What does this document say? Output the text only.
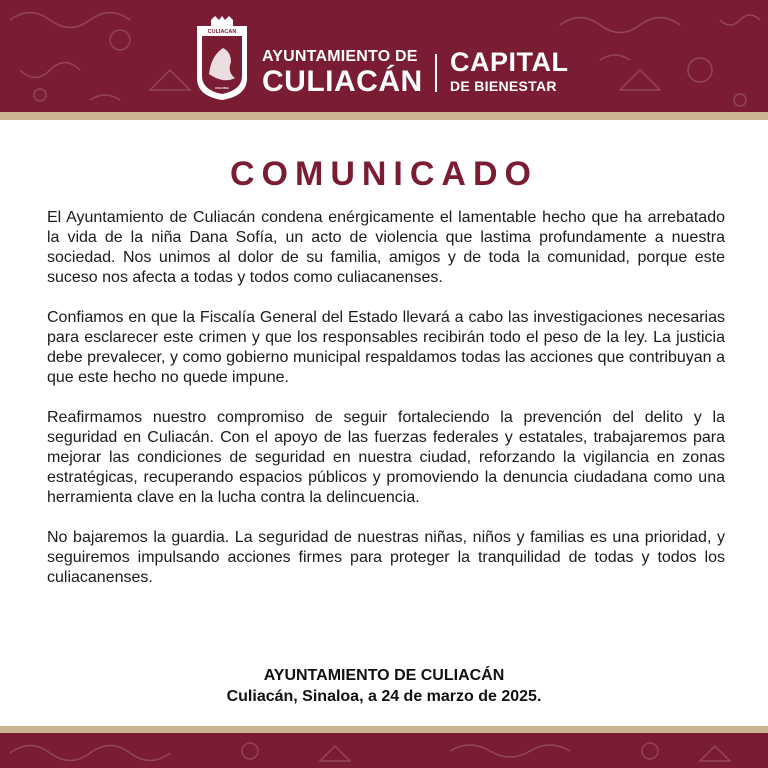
CULIACAN
COLONIA
AYUNTAMIENTO DE
CULIACÁN
CAPITAL
DE BIENESTAR
COMUNICADO

El Ayuntamiento de Culiacán condena enérgicamente el lamentable hecho que ha arrebatado la vida de la niña Dana Sofía, un acto de violencia que lastima profundamente a nuestra sociedad. Nos unimos al dolor de su familia, amigos y de toda la comunidad, porque este suceso nos afecta a todas y todos como culiacanenses.

Confiamos en que la Fiscalía General del Estado llevará a cabo las investigaciones necesarias para esclarecer este crimen y que los responsables recibirán todo el peso de la ley. La justicia debe prevalecer, y como gobierno municipal respaldamos todas las acciones que contribuyan a que este hecho no quede impune.

Reafirmamos nuestro compromiso de seguir fortaleciendo la prevención del delito y la seguridad en Culiacán. Con el apoyo de las fuerzas federales y estatales, trabajaremos para mejorar las condiciones de seguridad en nuestra ciudad, reforzando la vigilancia en zonas estratégicas, recuperando espacios públicos y promoviendo la denuncia ciudadana como una herramienta clave en la lucha contra la delincuencia.

No bajaremos la guardia. La seguridad de nuestras niñas, niños y familias es una prioridad, y seguiremos impulsando acciones firmes para proteger la tranquilidad de todas y todos los culiacanenses.

AYUNTAMIENTO DE CULIACÁN
Culiacán, Sinaloa, a 24 de marzo de 2025.
